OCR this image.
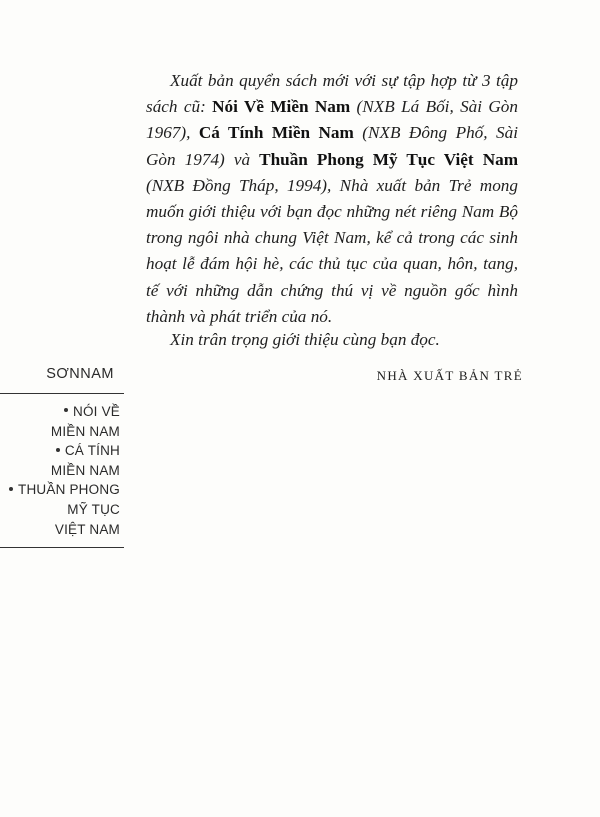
Xuất bản quyển sách mới với sự tập hợp từ 3 tập sách cũ: Nói Về Miền Nam (NXB Lá Bối, Sài Gòn 1967), Cá Tính Miền Nam (NXB Đông Phố, Sài Gòn 1974) và Thuần Phong Mỹ Tục Việt Nam (NXB Đồng Tháp, 1994), Nhà xuất bản Trẻ mong muốn giới thiệu với bạn đọc những nét riêng Nam Bộ trong ngôi nhà chung Việt Nam, kể cả trong các sinh hoạt lễ đám hội hè, các thủ tục của quan, hôn, tang, tế với những dẫn chứng thú vị về nguồn gốc hình thành và phát triển của nó.

Xin trân trọng giới thiệu cùng bạn đọc.
NHÀ XUẤT BẢN TRẺ
SƠNNAM
NÓI VỀ
MIỀN NAM
CÁ TÍNH
MIỀN NAM
THUẦN PHONG
MỸ TỤC
VIỆT NAM
